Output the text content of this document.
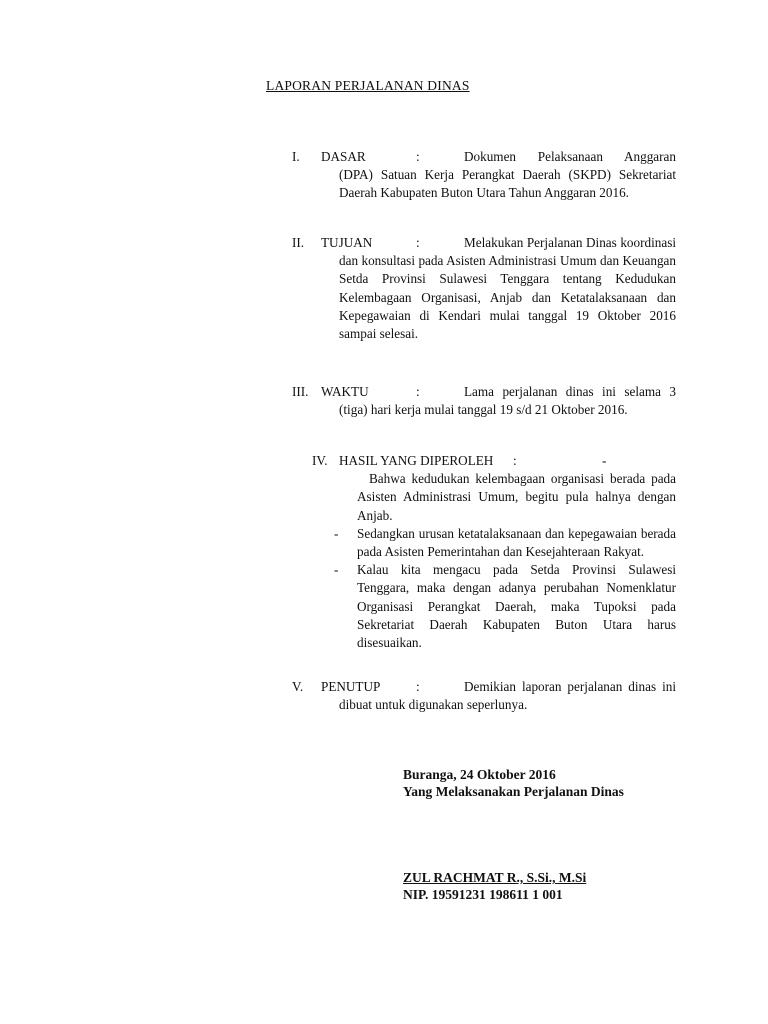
LAPORAN PERJALANAN DINAS
I. DASAR	:	Dokumen Pelaksanaan Anggaran (DPA) Satuan Kerja Perangkat Daerah (SKPD) Sekretariat Daerah Kabupaten Buton Utara Tahun Anggaran 2016.
II. TUJUAN	:	Melakukan Perjalanan Dinas koordinasi dan konsultasi pada Asisten Administrasi Umum dan Keuangan Setda Provinsi Sulawesi Tenggara tentang Kedudukan Kelembagaan Organisasi, Anjab dan Ketatalaksanaan dan Kepegawaian di Kendari mulai tanggal 19 Oktober 2016 sampai selesai.
III. WAKTU	:	Lama perjalanan dinas ini selama 3 (tiga) hari kerja mulai tanggal 19 s/d 21 Oktober 2016.
IV. HASIL YANG DIPEROLEH :	-
Bahwa kedudukan kelembagaan organisasi berada pada Asisten Administrasi Umum, begitu pula halnya dengan Anjab.
- Sedangkan urusan ketatalaksanaan dan kepegawaian berada pada Asisten Pemerintahan dan Kesejahteraan Rakyat.
- Kalau kita mengacu pada Setda Provinsi Sulawesi Tenggara, maka dengan adanya perubahan Nomenklatur Organisasi Perangkat Daerah, maka Tupoksi pada Sekretariat Daerah Kabupaten Buton Utara harus disesuaikan.
V. PENUTUP	:	Demikian laporan perjalanan dinas ini dibuat untuk digunakan seperlunya.
Buranga, 24 Oktober 2016
Yang Melaksanakan Perjalanan Dinas
ZUL RACHMAT R., S.Si., M.Si
NIP. 19591231 198611 1 001
